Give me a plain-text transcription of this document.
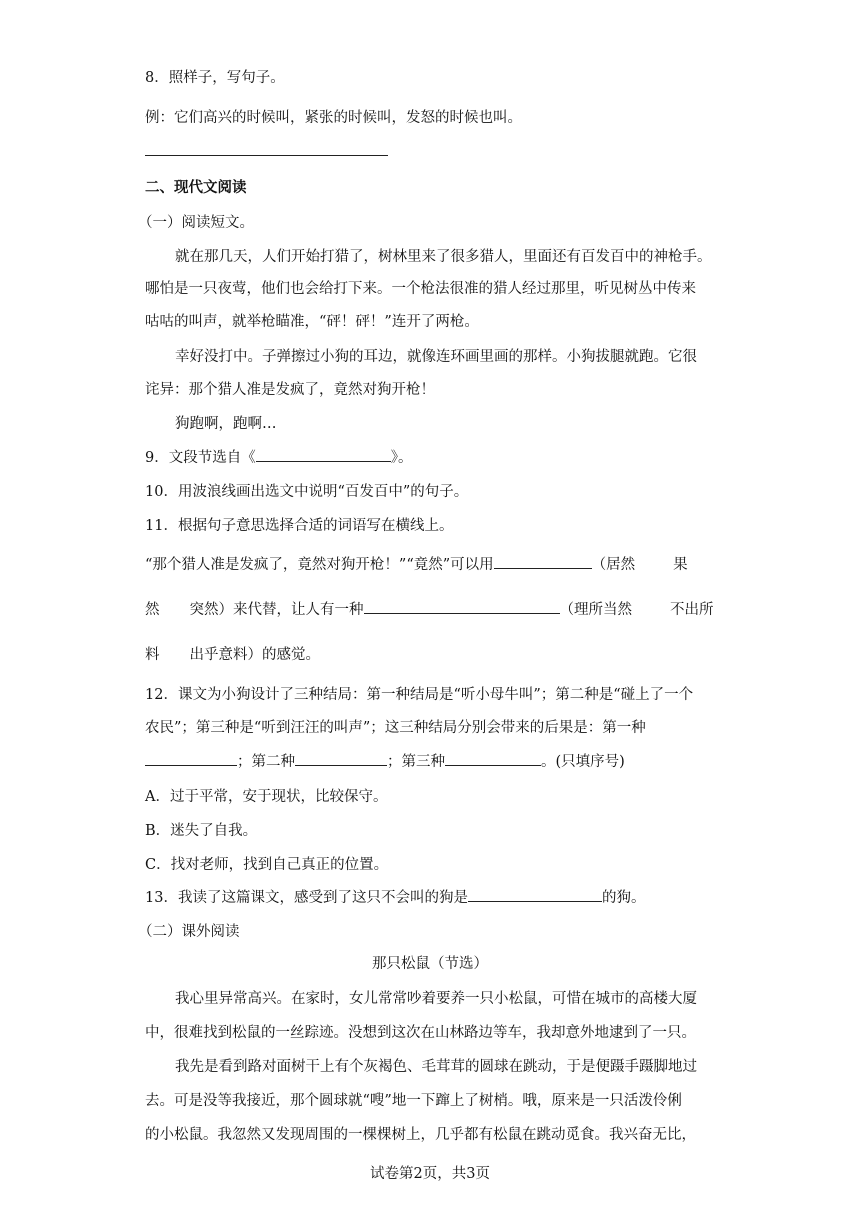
8．照样子，写句子。
例：它们高兴的时候叫，紧张的时候叫，发怒的时候也叫。
二、现代文阅读
（一）阅读短文。
就在那几天，人们开始打猎了，树林里来了很多猎人，里面还有百发百中的神枪手。
哪怕是一只夜莺，他们也会给打下来。一个枪法很准的猎人经过那里，听见树丛中传来
咕咕的叫声，就举枪瞄准，“砰！砰！”连开了两枪。
幸好没打中。子弹擦过小狗的耳边，就像连环画里画的那样。小狗拔腿就跑。它很
诧异：那个猎人准是发疯了，竟然对狗开枪！
狗跑啊，跑啊…
9．文段节选自《	》。
10．用波浪线画出选文中说明“百发百中”的句子。
11．根据句子意思选择合适的词语写在横线上。
“那个猎人准是发疯了，竟然对狗开枪！”“竟然”可以用	（居然	果
然 突然）来代替，让人有一种	（理所当然	不出所
料 出乎意料）的感觉。
12．课文为小狗设计了三种结局：第一种结局是“听小母牛叫”；第二种是“碰上了一个
农民”；第三种是“听到汪汪的叫声”；这三种结局分别会带来的后果是：第一种
；第二种	；第三种	。(只填序号)
A．过于平常，安于现状，比较保守。
B．迷失了自我。
C．找对老师，找到自己真正的位置。
13．我读了这篇课文，感受到了这只不会叫的狗是	的狗。
（二）课外阅读
那只松鼠（节选）
我心里异常高兴。在家时，女儿常常吵着要养一只小松鼠，可惜在城市的高楼大厦
中，很难找到松鼠的一丝踪迹。没想到这次在山林路边等车，我却意外地逮到了一只。
我先是看到路对面树干上有个灰褐色、毛茸茸的圆球在跳动，于是便蹑手蹑脚地过
去。可是没等我接近，那个圆球就“嗖”地一下蹿上了树梢。哦，原来是一只活泼伶俐
的小松鼠。我忽然又发现周围的一棵棵树上，几乎都有松鼠在跳动觅食。我兴奋无比，
试卷第2页，共3页
